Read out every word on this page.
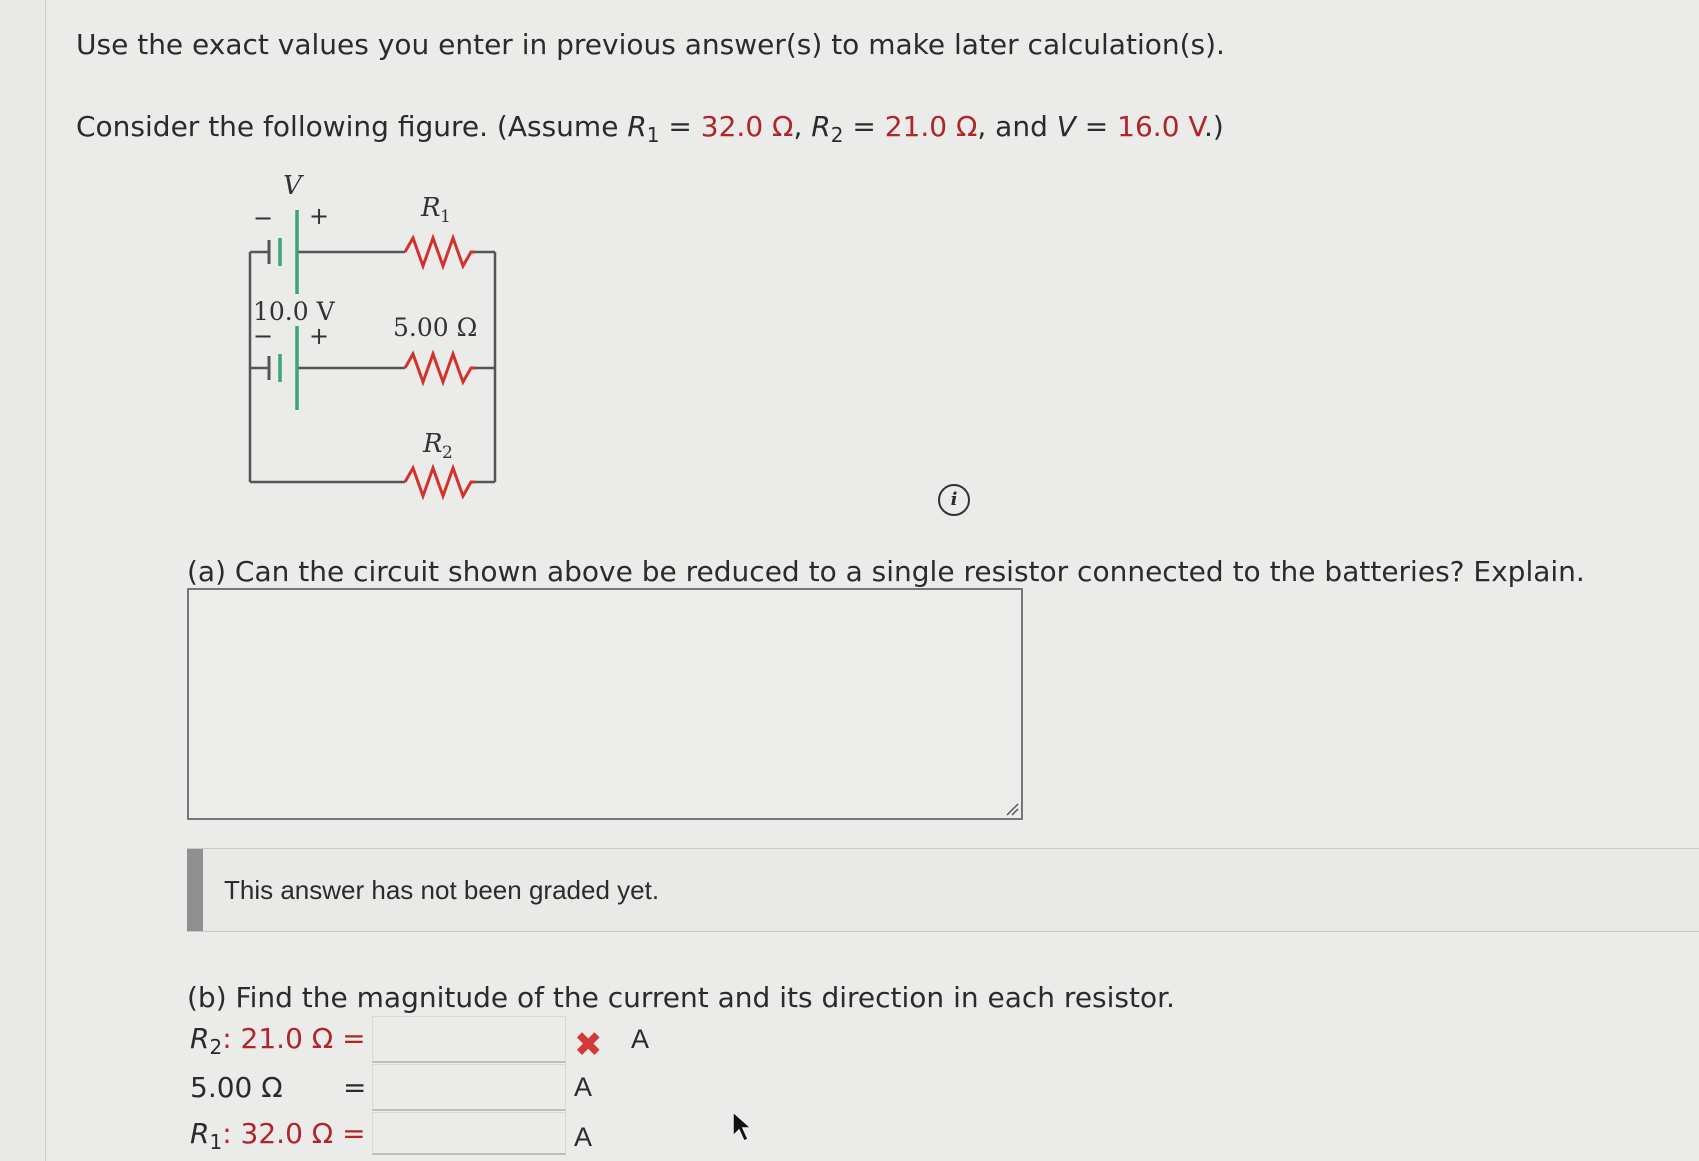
Use the exact values you enter in previous answer(s) to make later calculation(s).
Consider the following figure. (Assume $R_1 = 32.0$ Ω, $R_2 = 21.0$ Ω, and V = 16.0 V.)
V
− +
10.0 V
− +
R 1
5.00 Ω
R 2
i
(a) Can the circuit shown above be reduced to a single resistor connected to the batteries? Explain.
This answer has not been graded yet.
(b) Find the magnitude of the current and its direction in each resistor.
$R_2$: 21.0 Ω =	✖ A
5.00 Ω =	A
$R_1$: 32.0 Ω =	A
